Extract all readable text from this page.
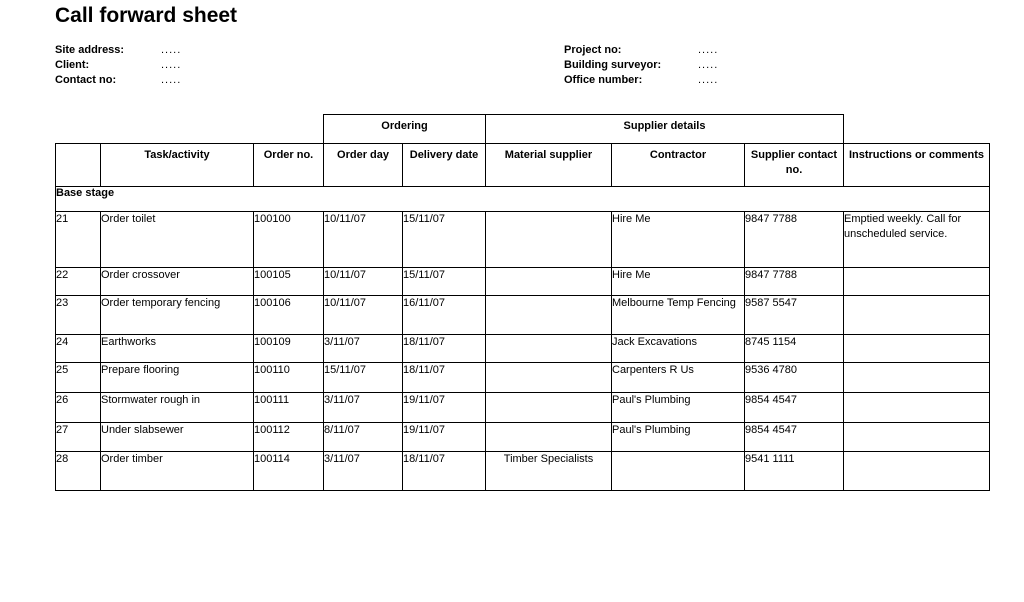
Call forward sheet
Site address:	.....
Client:	.....
Contact no:	.....
Project no:	.....
Building surveyor:	.....
Office number:	.....
			Ordering		Supplier details			
	Task/activity	Order no.	Order day	Delivery date	Material supplier	Contractor	Supplier contact no.	Instructions or comments
Base stage								
21	Order toilet	100100	10/11/07	15/11/07		Hire Me	9847 7788	Emptied weekly. Call for unscheduled service.
22	Order crossover	100105	10/11/07	15/11/07		Hire Me	9847 7788	
23	Order temporary fencing	100106	10/11/07	16/11/07		Melbourne Temp Fencing	9587 5547	
24	Earthworks	100109	3/11/07	18/11/07		Jack Excavations	8745 1154	
25	Prepare flooring	100110	15/11/07	18/11/07		Carpenters R Us	9536 4780	
26	Stormwater rough in	100111	3/11/07	19/11/07		Paul's Plumbing	9854 4547	
27	Under slabsewer	100112	8/11/07	19/11/07		Paul's Plumbing	9854 4547	
28	Order timber	100114	3/11/07	18/11/07	Timber Specialists		9541 1111	
